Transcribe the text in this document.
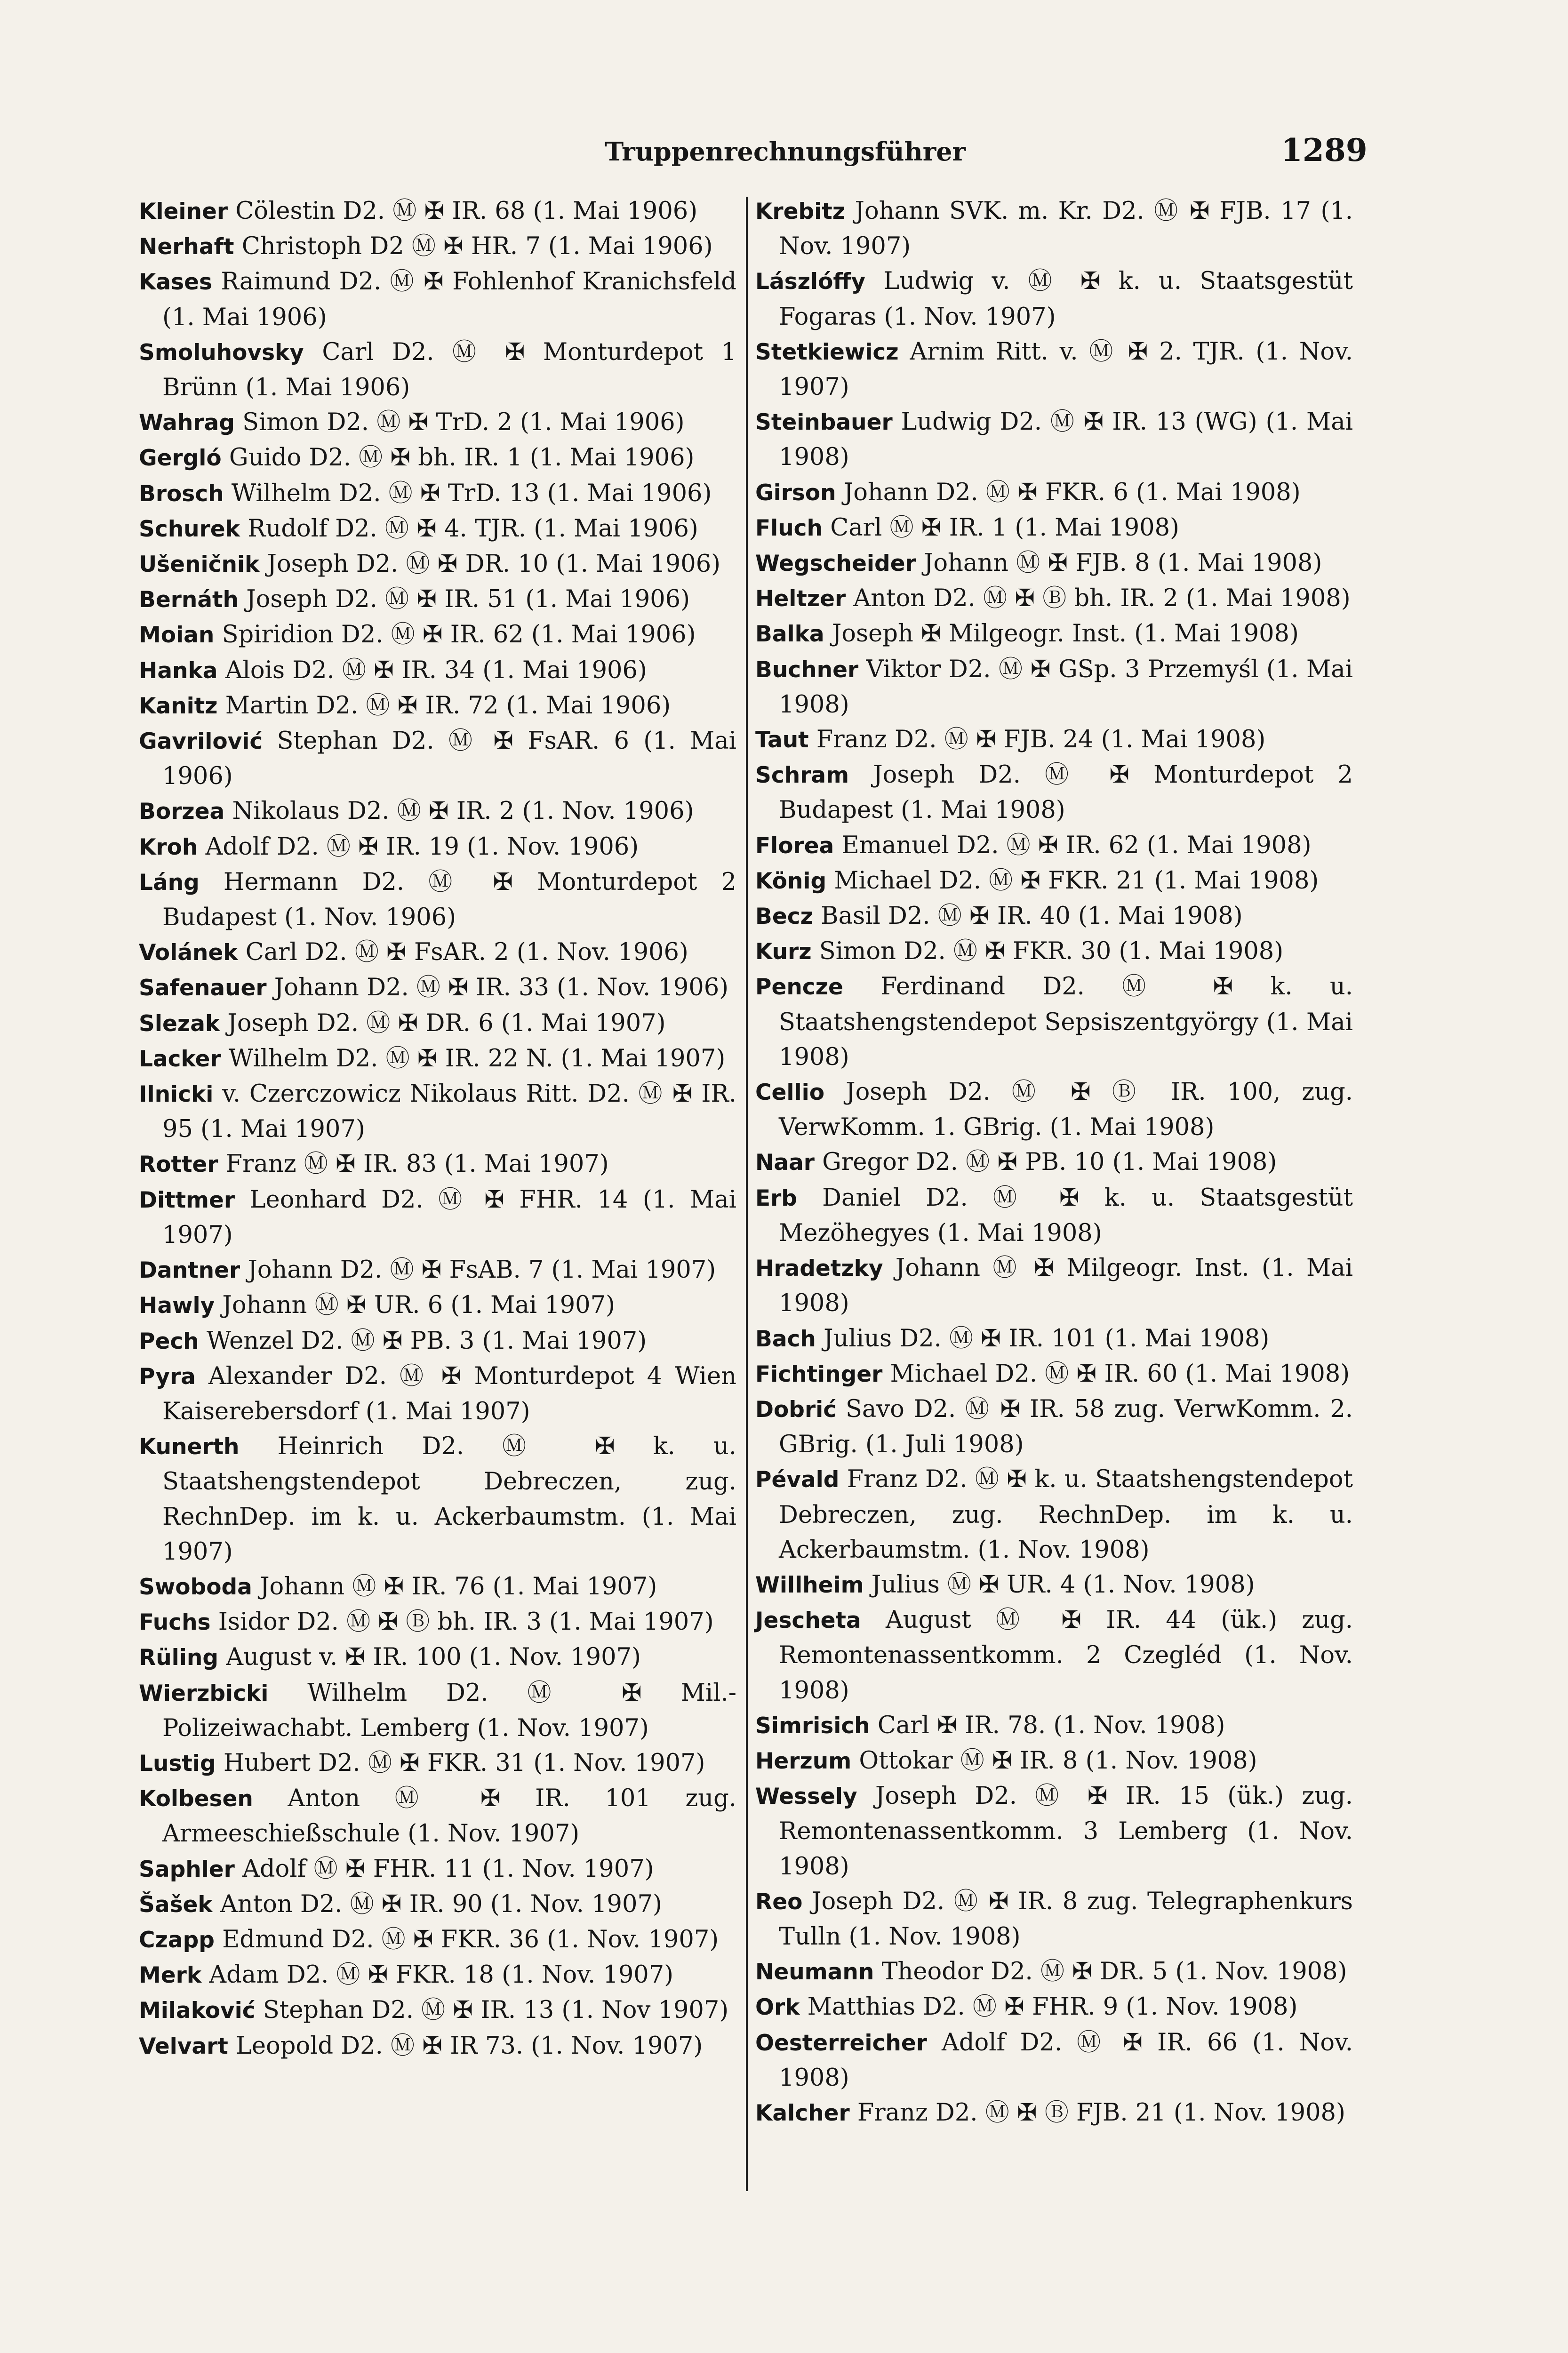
Truppenrechnungsführer	1289
Kleiner Cölestin D2. Ⓜ ✠ IR. 68 (1. Mai 1906)
Nerhaft Christoph D2 Ⓜ ✠ HR. 7 (1. Mai 1906)
Kases Raimund D2. Ⓜ ✠ Fohlenhof Kranichsfeld (1. Mai 1906)
Smoluhovsky Carl D2. Ⓜ ✠ Monturdepot 1 Brünn (1. Mai 1906)
Wahrag Simon D2. Ⓜ ✠ TrD. 2 (1. Mai 1906)
Gergló Guido D2. Ⓜ ✠ bh. IR. 1 (1. Mai 1906)
Brosch Wilhelm D2. Ⓜ ✠ TrD. 13 (1. Mai 1906)
Schurek Rudolf D2. Ⓜ ✠ 4. TJR. (1. Mai 1906)
Ušeničnik Joseph D2. Ⓜ ✠ DR. 10 (1. Mai 1906)
Bernáth Joseph D2. Ⓜ ✠ IR. 51 (1. Mai 1906)
Moian Spiridion D2. Ⓜ ✠ IR. 62 (1. Mai 1906)
Hanka Alois D2. Ⓜ ✠ IR. 34 (1. Mai 1906)
Kanitz Martin D2. Ⓜ ✠ IR. 72 (1. Mai 1906)
Gavrilović Stephan D2. Ⓜ ✠ FsAR. 6 (1. Mai 1906)
Borzea Nikolaus D2. Ⓜ ✠ IR. 2 (1. Nov. 1906)
Kroh Adolf D2. Ⓜ ✠ IR. 19 (1. Nov. 1906)
Láng Hermann D2. Ⓜ ✠ Monturdepot 2 Budapest (1. Nov. 1906)
Volánek Carl D2. Ⓜ ✠ FsAR. 2 (1. Nov. 1906)
Safenauer Johann D2. Ⓜ ✠ IR. 33 (1. Nov. 1906)
Slezak Joseph D2. Ⓜ ✠ DR. 6 (1. Mai 1907)
Lacker Wilhelm D2. Ⓜ ✠ IR. 22 N. (1. Mai 1907)
Ilnicki v. Czerczowicz Nikolaus Ritt. D2. Ⓜ ✠ IR. 95 (1. Mai 1907)
Rotter Franz Ⓜ ✠ IR. 83 (1. Mai 1907)
Dittmer Leonhard D2. Ⓜ ✠ FHR. 14 (1. Mai 1907)
Dantner Johann D2. Ⓜ ✠ FsAB. 7 (1. Mai 1907)
Hawly Johann Ⓜ ✠ UR. 6 (1. Mai 1907)
Pech Wenzel D2. Ⓜ ✠ PB. 3 (1. Mai 1907)
Pyra Alexander D2. Ⓜ ✠ Monturdepot 4 Wien Kaiserebersdorf (1. Mai 1907)
Kunerth Heinrich D2. Ⓜ ✠ k. u. Staatshengstendepot Debreczen, zug. RechnDep. im k. u. Ackerbaumstm. (1. Mai 1907)
Swoboda Johann Ⓜ ✠ IR. 76 (1. Mai 1907)
Fuchs Isidor D2. Ⓜ ✠ Ⓑ bh. IR. 3 (1. Mai 1907)
Rüling August v. ✠ IR. 100 (1. Nov. 1907)
Wierzbicki Wilhelm D2. Ⓜ ✠ Mil.-Polizeiwachabt. Lemberg (1. Nov. 1907)
Lustig Hubert D2. Ⓜ ✠ FKR. 31 (1. Nov. 1907)
Kolbesen Anton Ⓜ ✠ IR. 101 zug. Armeeschießschule (1. Nov. 1907)
Saphler Adolf Ⓜ ✠ FHR. 11 (1. Nov. 1907)
Šašek Anton D2. Ⓜ ✠ IR. 90 (1. Nov. 1907)
Czapp Edmund D2. Ⓜ ✠ FKR. 36 (1. Nov. 1907)
Merk Adam D2. Ⓜ ✠ FKR. 18 (1. Nov. 1907)
Milaković Stephan D2. Ⓜ ✠ IR. 13 (1. Nov 1907)
Velvart Leopold D2. Ⓜ ✠ IR 73. (1. Nov. 1907)
Krebitz Johann SVK. m. Kr. D2. Ⓜ ✠ FJB. 17 (1. Nov. 1907)
Lászlóffy Ludwig v. Ⓜ ✠ k. u. Staatsgestüt Fogaras (1. Nov. 1907)
Stetkiewicz Arnim Ritt. v. Ⓜ ✠ 2. TJR. (1. Nov. 1907)
Steinbauer Ludwig D2. Ⓜ ✠ IR. 13 (WG) (1. Mai 1908)
Girson Johann D2. Ⓜ ✠ FKR. 6 (1. Mai 1908)
Fluch Carl Ⓜ ✠ IR. 1 (1. Mai 1908)
Wegscheider Johann Ⓜ ✠ FJB. 8 (1. Mai 1908)
Heltzer Anton D2. Ⓜ ✠ Ⓑ bh. IR. 2 (1. Mai 1908)
Balka Joseph ✠ Milgeogr. Inst. (1. Mai 1908)
Buchner Viktor D2. Ⓜ ✠ GSp. 3 Przemyśl (1. Mai 1908)
Taut Franz D2. Ⓜ ✠ FJB. 24 (1. Mai 1908)
Schram Joseph D2. Ⓜ ✠ Monturdepot 2 Budapest (1. Mai 1908)
Florea Emanuel D2. Ⓜ ✠ IR. 62 (1. Mai 1908)
König Michael D2. Ⓜ ✠ FKR. 21 (1. Mai 1908)
Becz Basil D2. Ⓜ ✠ IR. 40 (1. Mai 1908)
Kurz Simon D2. Ⓜ ✠ FKR. 30 (1. Mai 1908)
Pencze Ferdinand D2. Ⓜ ✠ k. u. Staatshengstendepot Sepsiszentgyörgy (1. Mai 1908)
Cellio Joseph D2. Ⓜ ✠ Ⓑ IR. 100, zug. VerwKomm. 1. GBrig. (1. Mai 1908)
Naar Gregor D2. Ⓜ ✠ PB. 10 (1. Mai 1908)
Erb Daniel D2. Ⓜ ✠ k. u. Staatsgestüt Mezöhegyes (1. Mai 1908)
Hradetzky Johann Ⓜ ✠ Milgeogr. Inst. (1. Mai 1908)
Bach Julius D2. Ⓜ ✠ IR. 101 (1. Mai 1908)
Fichtinger Michael D2. Ⓜ ✠ IR. 60 (1. Mai 1908)
Dobrić Savo D2. Ⓜ ✠ IR. 58 zug. VerwKomm. 2. GBrig. (1. Juli 1908)
Pévald Franz D2. Ⓜ ✠ k. u. Staatshengstendepot Debreczen, zug. RechnDep. im k. u. Ackerbaumstm. (1. Nov. 1908)
Willheim Julius Ⓜ ✠ UR. 4 (1. Nov. 1908)
Jescheta August Ⓜ ✠ IR. 44 (ük.) zug. Remontenassentkomm. 2 Czegléd (1. Nov. 1908)
Simrisich Carl ✠ IR. 78. (1. Nov. 1908)
Herzum Ottokar Ⓜ ✠ IR. 8 (1. Nov. 1908)
Wessely Joseph D2. Ⓜ ✠ IR. 15 (ük.) zug. Remontenassentkomm. 3 Lemberg (1. Nov. 1908)
Reo Joseph D2. Ⓜ ✠ IR. 8 zug. Telegraphenkurs Tulln (1. Nov. 1908)
Neumann Theodor D2. Ⓜ ✠ DR. 5 (1. Nov. 1908)
Ork Matthias D2. Ⓜ ✠ FHR. 9 (1. Nov. 1908)
Oesterreicher Adolf D2. Ⓜ ✠ IR. 66 (1. Nov. 1908)
Kalcher Franz D2. Ⓜ ✠ Ⓑ FJB. 21 (1. Nov. 1908)
